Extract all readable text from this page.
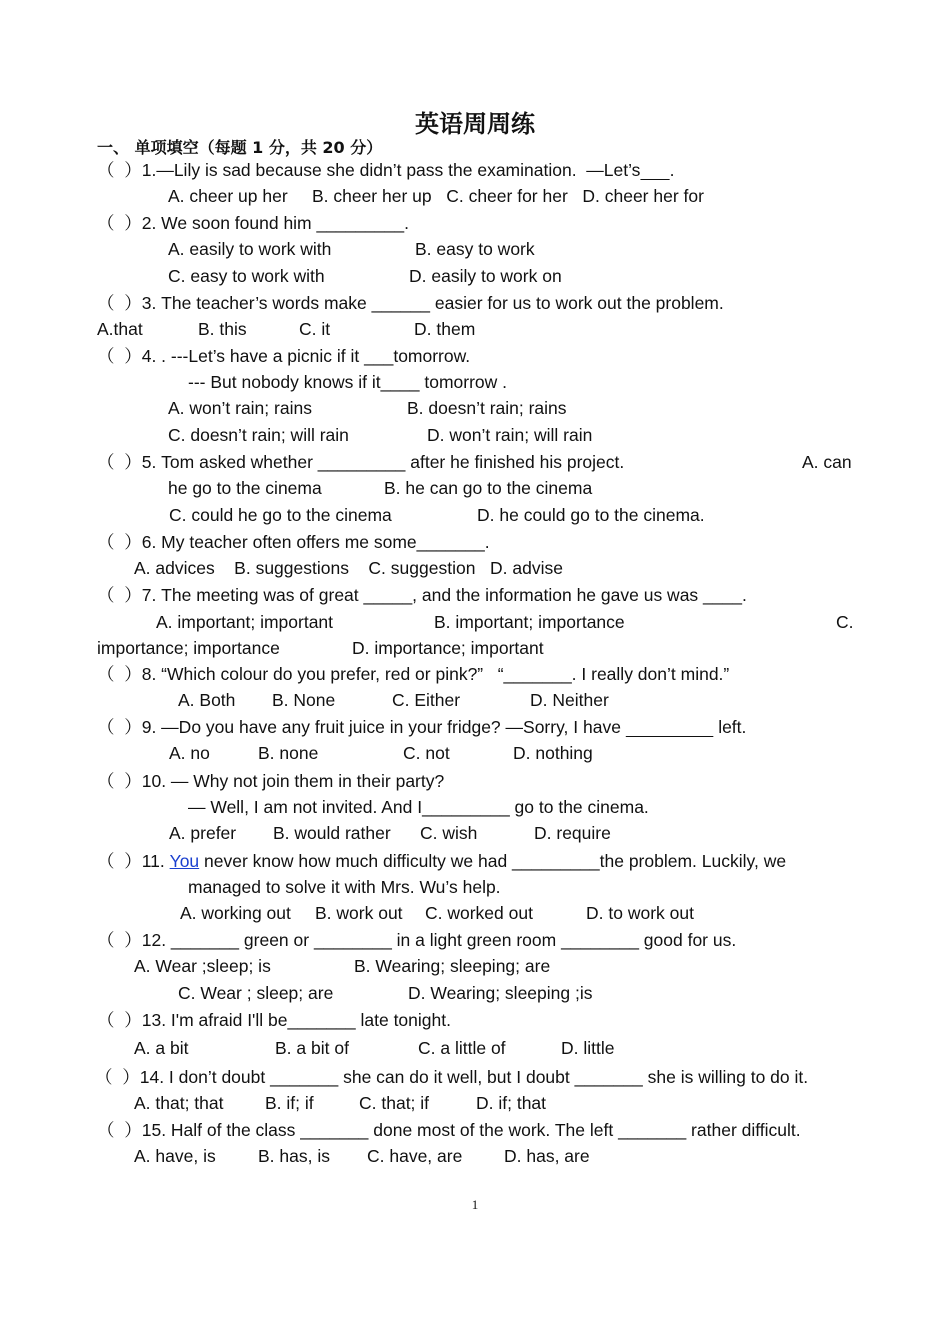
英语周周练
一、 单项填空（每题 1 分，共 20 分）
（  ）1.—Lily is sad because she didn’t pass the examination.  —Let’s .
A. cheer up her     B. cheer her up   C. cheer for her   D. cheer her for
（  ）2. We soon found him _________.
A. easily to work with	B. easy to work
C. easy to work with	D. easily to work on
（  ）3. The teacher’s words make ______ easier for us to work out the problem.
A.that	B. this	C. it	D. them
（  ）4. . ---Let’s have a picnic if it ___tomorrow.
--- But nobody knows if it____ tomorrow .
A. won’t rain; rains	B. doesn’t rain; rains
C. doesn’t rain; will rain	D. won’t rain; will rain
（  ）5. Tom asked whether _________ after he finished his project.	A. can
he go to the cinema	B. he can go to the cinema
C. could he go to the cinema	D. he could go to the cinema.
（  ）6. My teacher often offers me some_______.
A. advices    B. suggestions    C. suggestion   D. advise
（  ）7. The meeting was of great _____, and the information he gave us was ____.
A. important; important	B. important; importance	C.
importance; importance	D. importance; important
（  ）8. “Which colour do you prefer, red or pink?”   “_______. I really don’t mind.”
A. Both B. None	C. Either	D. Neither
（  ）9. —Do you have any fruit juice in your fridge? —Sorry, I have	left.
A. no	B. none	C. not	D. nothing
（  ）10. — Why not join them in their party?
— Well, I am not invited. And I_________ go to the cinema.
A. prefer B. would rather C. wish	D. require
（  ）11. You never know how much difficulty we had _________the problem. Luckily, we
managed to solve it with Mrs. Wu’s help.
A. working out B. work out C. worked out	D. to work out
（  ）12. _______ green or ________ in a light green room ________ good for us.
A. Wear ;sleep; is	B. Wearing; sleeping; are
C. Wear ; sleep; are	D. Wearing; sleeping ;is
（  ）13. I'm afraid I'll be_______ late tonight.
A. a bit	B. a bit of	C. a little of	D. little
（  ）14. I don’t doubt _______ she can do it well, but I doubt _______ she is willing to do it.
A. that; that B. if; if	C. that; if	D. if; that
（  ）15. Half of the class _______ done most of the work. The left _______ rather difficult.
A. have, is B. has, is C. have, are D. has, are
1
